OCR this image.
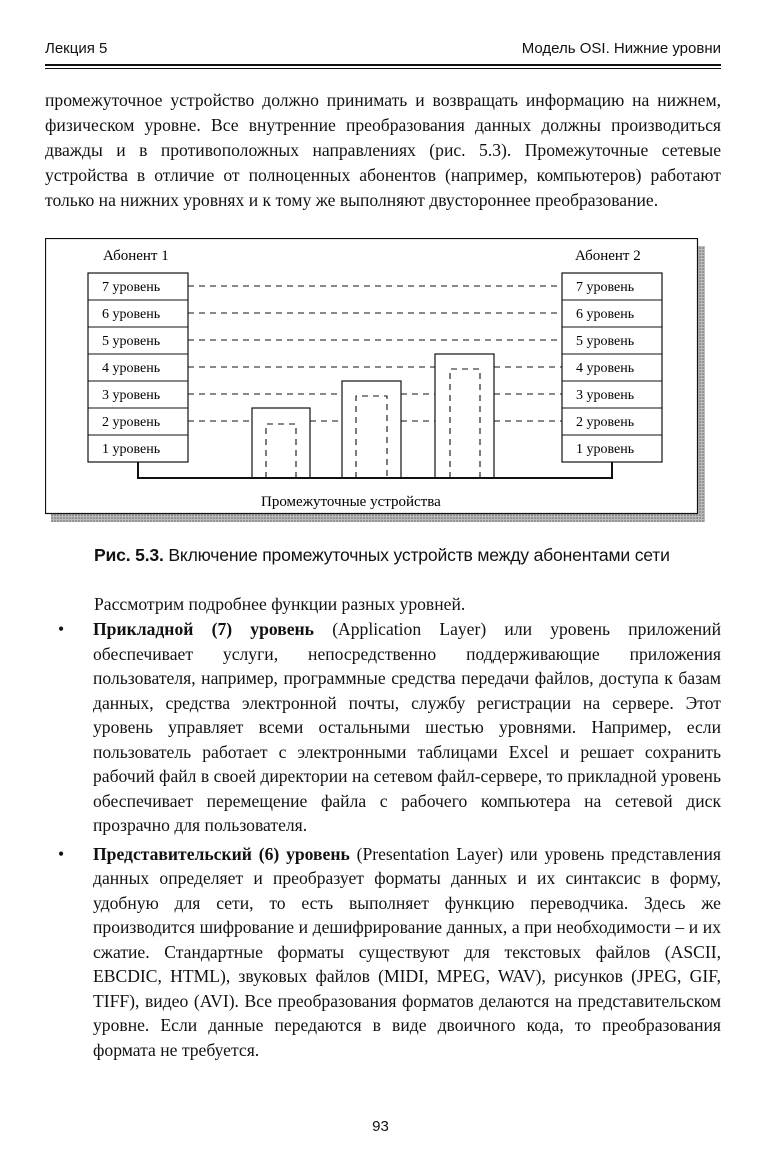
Лекция 5	Модель OSI. Нижние уровни
промежуточное устройство должно принимать и возвращать информацию на нижнем, физическом уровне. Все внутренние преобразования данных должны производиться дважды и в противоположных направлениях (рис. 5.3). Промежуточные сетевые устройства в отличие от полноценных абонентов (например, компьютеров) работают только на нижних уровнях и к тому же выполняют двустороннее преобразование.
Абонент 1	Абонент 2
7 уровень
6 уровень
5 уровень
4 уровень
3 уровень
2 уровень
1 уровень
7 уровень
6 уровень
5 уровень
4 уровень
3 уровень
2 уровень
1 уровень
Промежуточные устройства
Рис. 5.3. Включение промежуточных устройств между абонентами сети
Рассмотрим подробнее функции разных уровней.
• Прикладной (7) уровень (Application Layer) или уровень приложений обеспечивает услуги, непосредственно поддерживающие приложения пользователя, например, программные средства передачи файлов, доступа к базам данных, средства электронной почты, службу регистрации на сервере. Этот уровень управляет всеми остальными шестью уровнями. Например, если пользователь работает с электронными таблицами Excel и решает сохранить рабочий файл в своей директории на сетевом файл-сервере, то прикладной уровень обеспечивает перемещение файла с рабочего компьютера на сетевой диск прозрачно для пользователя.
• Представительский (6) уровень (Presentation Layer) или уровень представления данных определяет и преобразует форматы данных и их синтаксис в форму, удобную для сети, то есть выполняет функцию переводчика. Здесь же производится шифрование и дешифрирование данных, а при необходимости – и их сжатие. Стандартные форматы существуют для текстовых файлов (ASCII, EBCDIC, HTML), звуковых файлов (MIDI, MPEG, WAV), рисунков (JPEG, GIF, TIFF), видео (AVI). Все преобразования форматов делаются на представительском уровне. Если данные передаются в виде двоичного кода, то преобразования формата не требуется.
93
